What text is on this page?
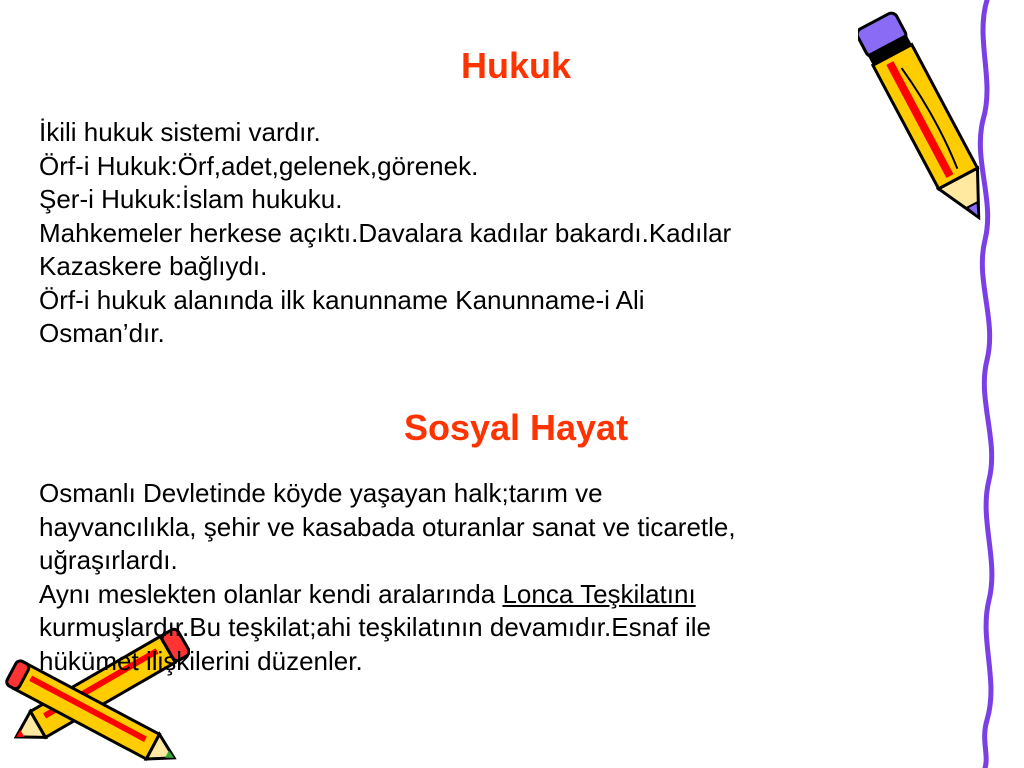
Hukuk
İkili hukuk sistemi vardır.
Örf-i Hukuk:Örf,adet,gelenek,görenek.
Şer-i Hukuk:İslam hukuku.
Mahkemeler herkese açıktı.Davalara kadılar bakardı.Kadılar
Kazaskere bağlıydı.
Örf-i hukuk alanında ilk kanunname Kanunname-i Ali
Osman’dır.
Sosyal Hayat
Osmanlı Devletinde köyde yaşayan halk;tarım ve
hayvancılıkla, şehir ve kasabada oturanlar sanat ve ticaretle,
uğraşırlardı.
Aynı meslekten olanlar kendi aralarında Lonca Teşkilatını
kurmuşlardır.Bu teşkilat;ahi teşkilatının devamıdır.Esnaf ile
hükümet ilişkilerini düzenler.
